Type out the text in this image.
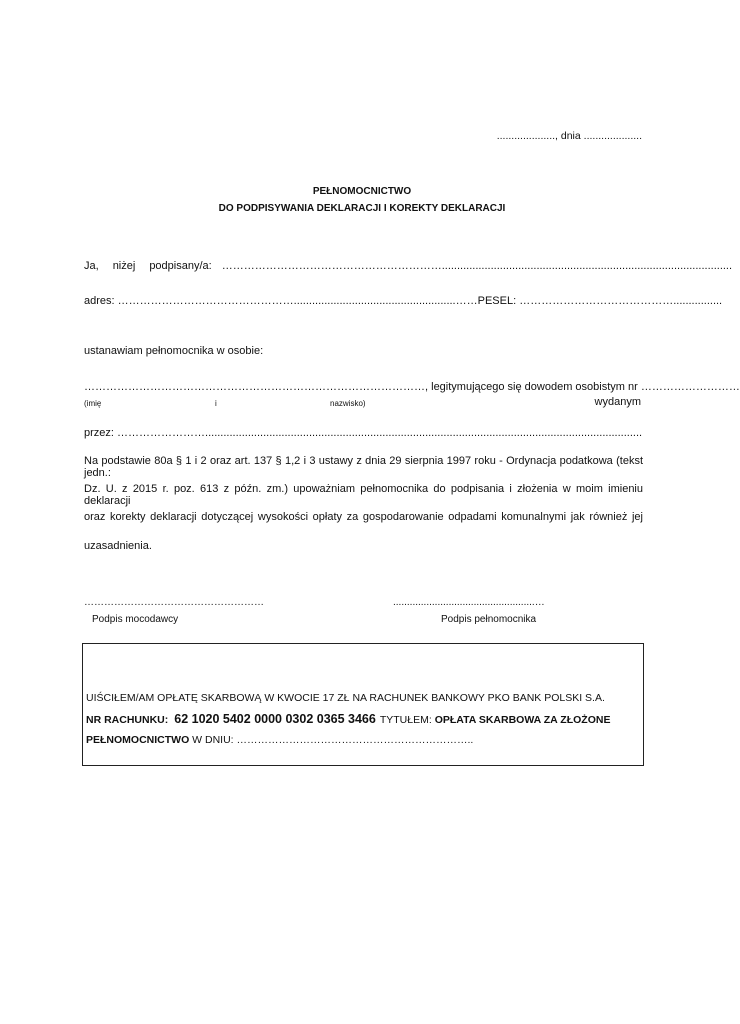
...................., dnia ....................
PEŁNOMOCNICTWO
DO PODPISYWANIA DEKLARACJI I KOREKTY DEKLARACJI
Ja, niżej podpisany/a: ……………………………………………………...............................................................................................
adres: ………………………………………….....................................................……PESEL: ……………………………………................
ustanawiam pełnomocnika w osobie:
…………………………………………………………………………………, legitymującego się dowodem osobistym nr ………………………
(imię	i	nazwisko)	wydanym
przez: ……………………...............................................................................................................................................
Na podstawie 80a § 1 i 2 oraz art. 137 § 1,2 i 3 ustawy z dnia 29 sierpnia 1997 roku - Ordynacja podatkowa (tekst jedn.:
Dz. U. z 2015 r. poz. 613 z późn. zm.) upoważniam pełnomocnika do podpisania i złożenia w moim imieniu deklaracji
oraz korekty deklaracji dotyczącej wysokości opłaty za gospodarowanie odpadami komunalnymi jak również jej
uzasadnienia.
………………………………………………
Podpis mocodawcy
...................................................…
Podpis pełnomocnika
UIŚCIŁEM/AM OPŁATĘ SKARBOWĄ W KWOCIE 17 ZŁ NA RACHUNEK BANKOWY PKO BANK POLSKI S.A.
NR RACHUNKU: 62 1020 5402 0000 0302 0365 3466 TYTUŁEM: OPŁATA SKARBOWA ZA ZŁOŻONE
PEŁNOMOCNICTWO W DNIU: …………………………………………………………..
